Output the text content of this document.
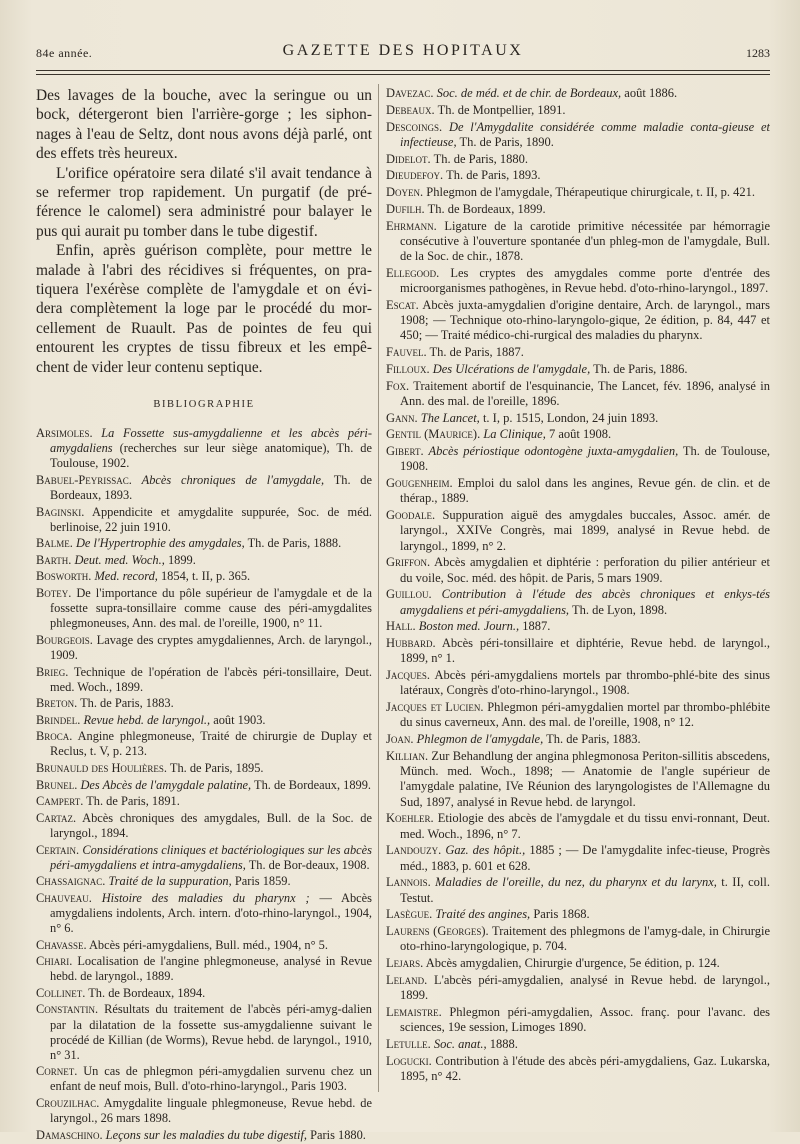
84e année.	GAZETTE DES HOPITAUX	1283

Des lavages de la bouche, avec la seringue ou un bock, détergeront bien l'arrière-gorge ; les siphon-nages à l'eau de Seltz, dont nous avons déjà parlé, ont des effets très heureux.

L'orifice opératoire sera dilaté s'il avait tendance à se refermer trop rapidement. Un purgatif (de pré-férence le calomel) sera administré pour balayer le pus qui aurait pu tomber dans le tube digestif.

Enfin, après guérison complète, pour mettre le malade à l'abri des récidives si fréquentes, on pra-tiquera l'exérèse complète de l'amygdale et on évi-dera complètement la loge par le procédé du mor-cellement de Ruault. Pas de pointes de feu qui entourent les cryptes de tissu fibreux et les empê-chent de vider leur contenu septique.

BIBLIOGRAPHIE

Arsimoles. La Fossette sus-amygdalienne et les abcès péri-amygdaliens (recherches sur leur siège anatomique), Th. de Toulouse, 1902.

Babuel-Peyrissac. Abcès chroniques de l'amygdale, Th. de Bordeaux, 1893.

Baginski. Appendicite et amygdalite suppurée, Soc. de méd. berlinoise, 22 juin 1910.

Balme. De l'Hypertrophie des amygdales, Th. de Paris, 1888.

Barth. Deut. med. Woch., 1899.

Bosworth. Med. record, 1854, t. II, p. 365.

Botey. De l'importance du pôle supérieur de l'amygdale et de la fossette supra-tonsillaire comme cause des péri-amygdalites phlegmoneuses, Ann. des mal. de l'oreille, 1900, n° 11.

Bourgeois. Lavage des cryptes amygdaliennes, Arch. de laryngol., 1909.

Brieg. Technique de l'opération de l'abcès péri-tonsillaire, Deut. med. Woch., 1899.

Breton. Th. de Paris, 1883.

Brindel. Revue hebd. de laryngol., août 1903.

Broca. Angine phlegmoneuse, Traité de chirurgie de Duplay et Reclus, t. V, p. 213.

Brunauld des Houlières. Th. de Paris, 1895.

Brunel. Des Abcès de l'amygdale palatine, Th. de Bordeaux, 1899.

Campert. Th. de Paris, 1891.

Cartaz. Abcès chroniques des amygdales, Bull. de la Soc. de laryngol., 1894.

Certain. Considérations cliniques et bactériologiques sur les abcès péri-amygdaliens et intra-amygdaliens, Th. de Bor-deaux, 1908.

Chassaignac. Traité de la suppuration, Paris 1859.

Chauveau. Histoire des maladies du pharynx ; — Abcès amygdaliens indolents, Arch. intern. d'oto-rhino-laryngol., 1904, n° 6.

Chavasse. Abcès péri-amygdaliens, Bull. méd., 1904, n° 5.

Chiari. Localisation de l'angine phlegmoneuse, analysé in Revue hebd. de laryngol., 1889.

Collinet. Th. de Bordeaux, 1894.

Constantin. Résultats du traitement de l'abcès péri-amyg-dalien par la dilatation de la fossette sus-amygdalienne suivant le procédé de Killian (de Worms), Revue hebd. de laryngol., 1910, n° 31.

Cornet. Un cas de phlegmon péri-amygdalien survenu chez un enfant de neuf mois, Bull. d'oto-rhino-laryngol., Paris 1903.

Crouzilhac. Amygdalite linguale phlegmoneuse, Revue hebd. de laryngol., 26 mars 1898.

Damaschino. Leçons sur les maladies du tube digestif, Paris 1880.

Davezac. Soc. de méd. et de chir. de Bordeaux, août 1886.

Debeaux. Th. de Montpellier, 1891.

Descoings. De l'Amygdalite considérée comme maladie conta-gieuse et infectieuse, Th. de Paris, 1890.

Didelot. Th. de Paris, 1880.

Dieudefoy. Th. de Paris, 1893.

Doyen. Phlegmon de l'amygdale, Thérapeutique chirurgicale, t. II, p. 421.

Dufilh. Th. de Bordeaux, 1899.

Ehrmann. Ligature de la carotide primitive nécessitée par hémorragie consécutive à l'ouverture spontanée d'un phleg-mon de l'amygdale, Bull. de la Soc. de chir., 1878.

Ellegood. Les cryptes des amygdales comme porte d'entrée des microorganismes pathogènes, in Revue hebd. d'oto-rhino-laryngol., 1897.

Escat. Abcès juxta-amygdalien d'origine dentaire, Arch. de laryngol., mars 1908; — Technique oto-rhino-laryngolo-gique, 2e édition, p. 84, 447 et 450; — Traité médico-chi-rurgical des maladies du pharynx.

Fauvel. Th. de Paris, 1887.

Filloux. Des Ulcérations de l'amygdale, Th. de Paris, 1886.

Fox. Traitement abortif de l'esquinancie, The Lancet, fév. 1896, analysé in Ann. des mal. de l'oreille, 1896.

Gann. The Lancet, t. I, p. 1515, London, 24 juin 1893.

Gentil (Maurice). La Clinique, 7 août 1908.

Gibert. Abcès périostique odontogène juxta-amygdalien, Th. de Toulouse, 1908.

Gougenheim. Emploi du salol dans les angines, Revue gén. de clin. et de thérap., 1889.

Goodale. Suppuration aiguë des amygdales buccales, Assoc. amér. de laryngol., XXIVe Congrès, mai 1899, analysé in Revue hebd. de laryngol., 1899, n° 2.

Griffon. Abcès amygdalien et diphtérie : perforation du pilier antérieur et du voile, Soc. méd. des hôpit. de Paris, 5 mars 1909.

Guillou. Contribution à l'étude des abcès chroniques et enkys-tés amygdaliens et péri-amygdaliens, Th. de Lyon, 1898.

Hall. Boston med. Journ., 1887.

Hubbard. Abcès péri-tonsillaire et diphtérie, Revue hebd. de laryngol., 1899, n° 1.

Jacques. Abcès péri-amygdaliens mortels par thrombo-phlé-bite des sinus latéraux, Congrès d'oto-rhino-laryngol., 1908.

Jacques et Lucien. Phlegmon péri-amygdalien mortel par thrombo-phlébite du sinus caverneux, Ann. des mal. de l'oreille, 1908, n° 12.

Joan. Phlegmon de l'amygdale, Th. de Paris, 1883.

Killian. Zur Behandlung der angina phlegmonosa Periton-sillitis abscedens, Münch. med. Woch., 1898; — Anatomie de l'angle supérieur de l'amygdale palatine, IVe Réunion des laryngologistes de l'Allemagne du Sud, 1897, analysé in Revue hebd. de laryngol.

Koehler. Etiologie des abcès de l'amygdale et du tissu envi-ronnant, Deut. med. Woch., 1896, n° 7.

Landouzy. Gaz. des hôpit., 1885 ; — De l'amygdalite infec-tieuse, Progrès méd., 1883, p. 601 et 628.

Lannois. Maladies de l'oreille, du nez, du pharynx et du larynx, t. II, coll. Testut.

Lasègue. Traité des angines, Paris 1868.

Laurens (Georges). Traitement des phlegmons de l'amyg-dale, in Chirurgie oto-rhino-laryngologique, p. 704.

Lejars. Abcès amygdalien, Chirurgie d'urgence, 5e édition, p. 124.

Leland. L'abcès péri-amygdalien, analysé in Revue hebd. de laryngol., 1899.

Lemaistre. Phlegmon péri-amygdalien, Assoc. franç. pour l'avanc. des sciences, 19e session, Limoges 1890.

Letulle. Soc. anat., 1888.

Logucki. Contribution à l'étude des abcès péri-amygdaliens, Gaz. Lukarska, 1895, n° 42.
